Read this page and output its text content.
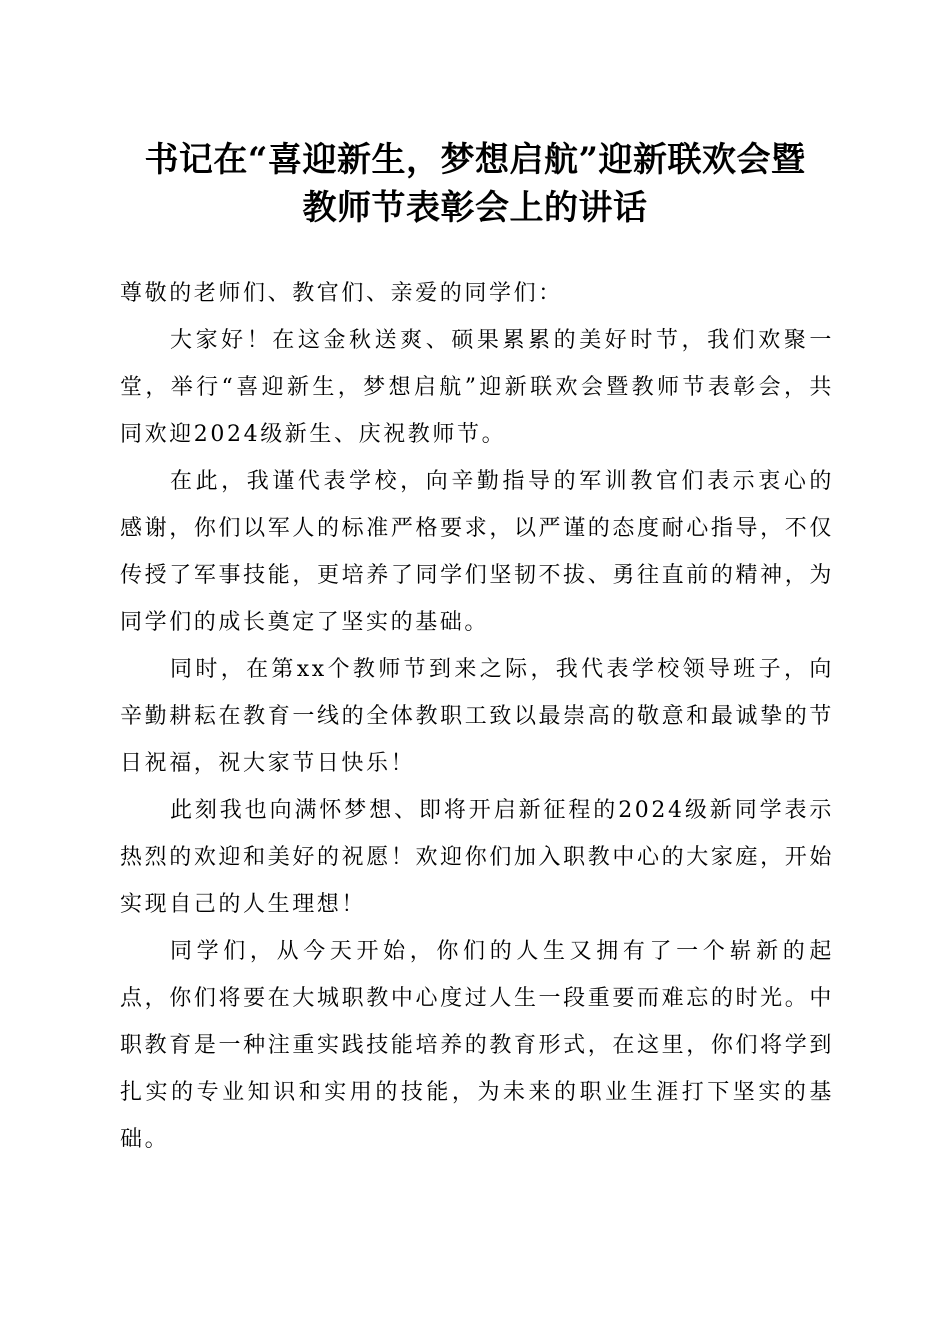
书记在“喜迎新生，梦想启航”迎新联欢会暨
教师节表彰会上的讲话

尊敬的老师们、教官们、亲爱的同学们：

大家好！在这金秋送爽、硕果累累的美好时节，我们欢聚一堂，举行“喜迎新生，梦想启航”迎新联欢会暨教师节表彰会，共同欢迎2024级新生、庆祝教师节。

在此，我谨代表学校，向辛勤指导的军训教官们表示衷心的感谢，你们以军人的标准严格要求，以严谨的态度耐心指导，不仅传授了军事技能，更培养了同学们坚韧不拔、勇往直前的精神，为同学们的成长奠定了坚实的基础。

同时，在第xx个教师节到来之际，我代表学校领导班子，向辛勤耕耘在教育一线的全体教职工致以最崇高的敬意和最诚挚的节日祝福，祝大家节日快乐！

此刻我也向满怀梦想、即将开启新征程的2024级新同学表示热烈的欢迎和美好的祝愿！欢迎你们加入职教中心的大家庭，开始实现自己的人生理想！

同学们，从今天开始，你们的人生又拥有了一个崭新的起点，你们将要在大城职教中心度过人生一段重要而难忘的时光。中职教育是一种注重实践技能培养的教育形式，在这里，你们将学到扎实的专业知识和实用的技能，为未来的职业生涯打下坚实的基础。
